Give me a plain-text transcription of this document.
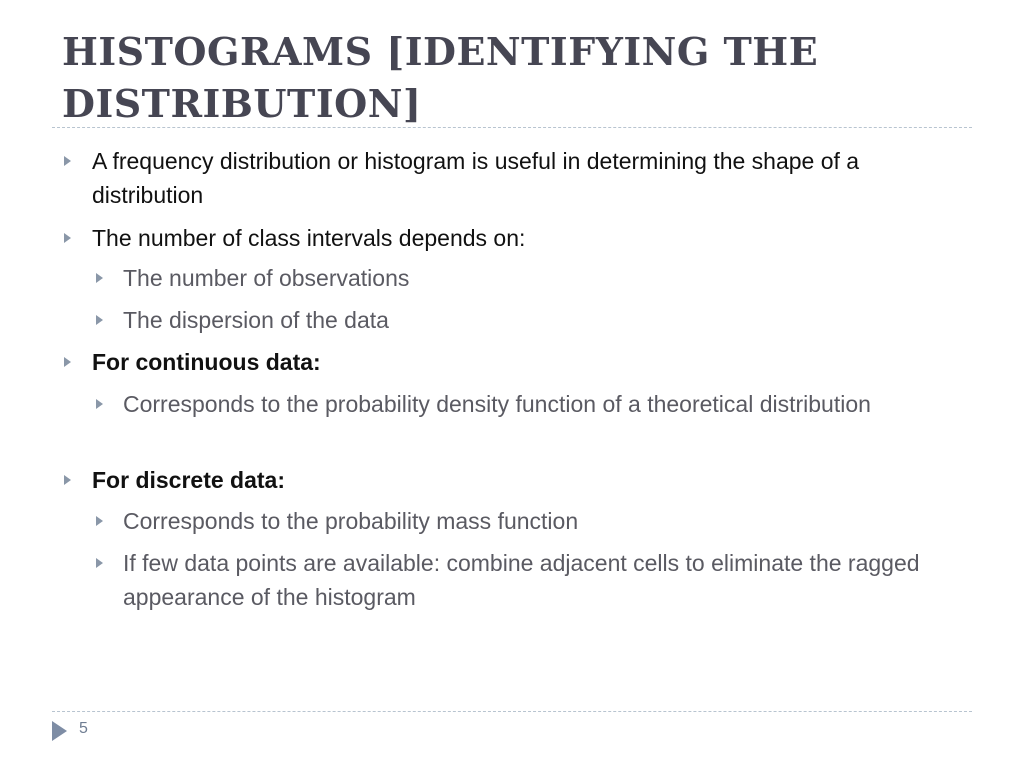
HISTOGRAMS [IDENTIFYING THE DISTRIBUTION]
A frequency distribution or histogram is useful in determining the shape of a distribution
The number of class intervals depends on:
The number of observations
The dispersion of the data
For continuous data:
Corresponds to the probability density function of a theoretical distribution
For discrete data:
Corresponds to the probability mass function
If few data points are available: combine adjacent cells to eliminate the ragged appearance of the histogram
5
